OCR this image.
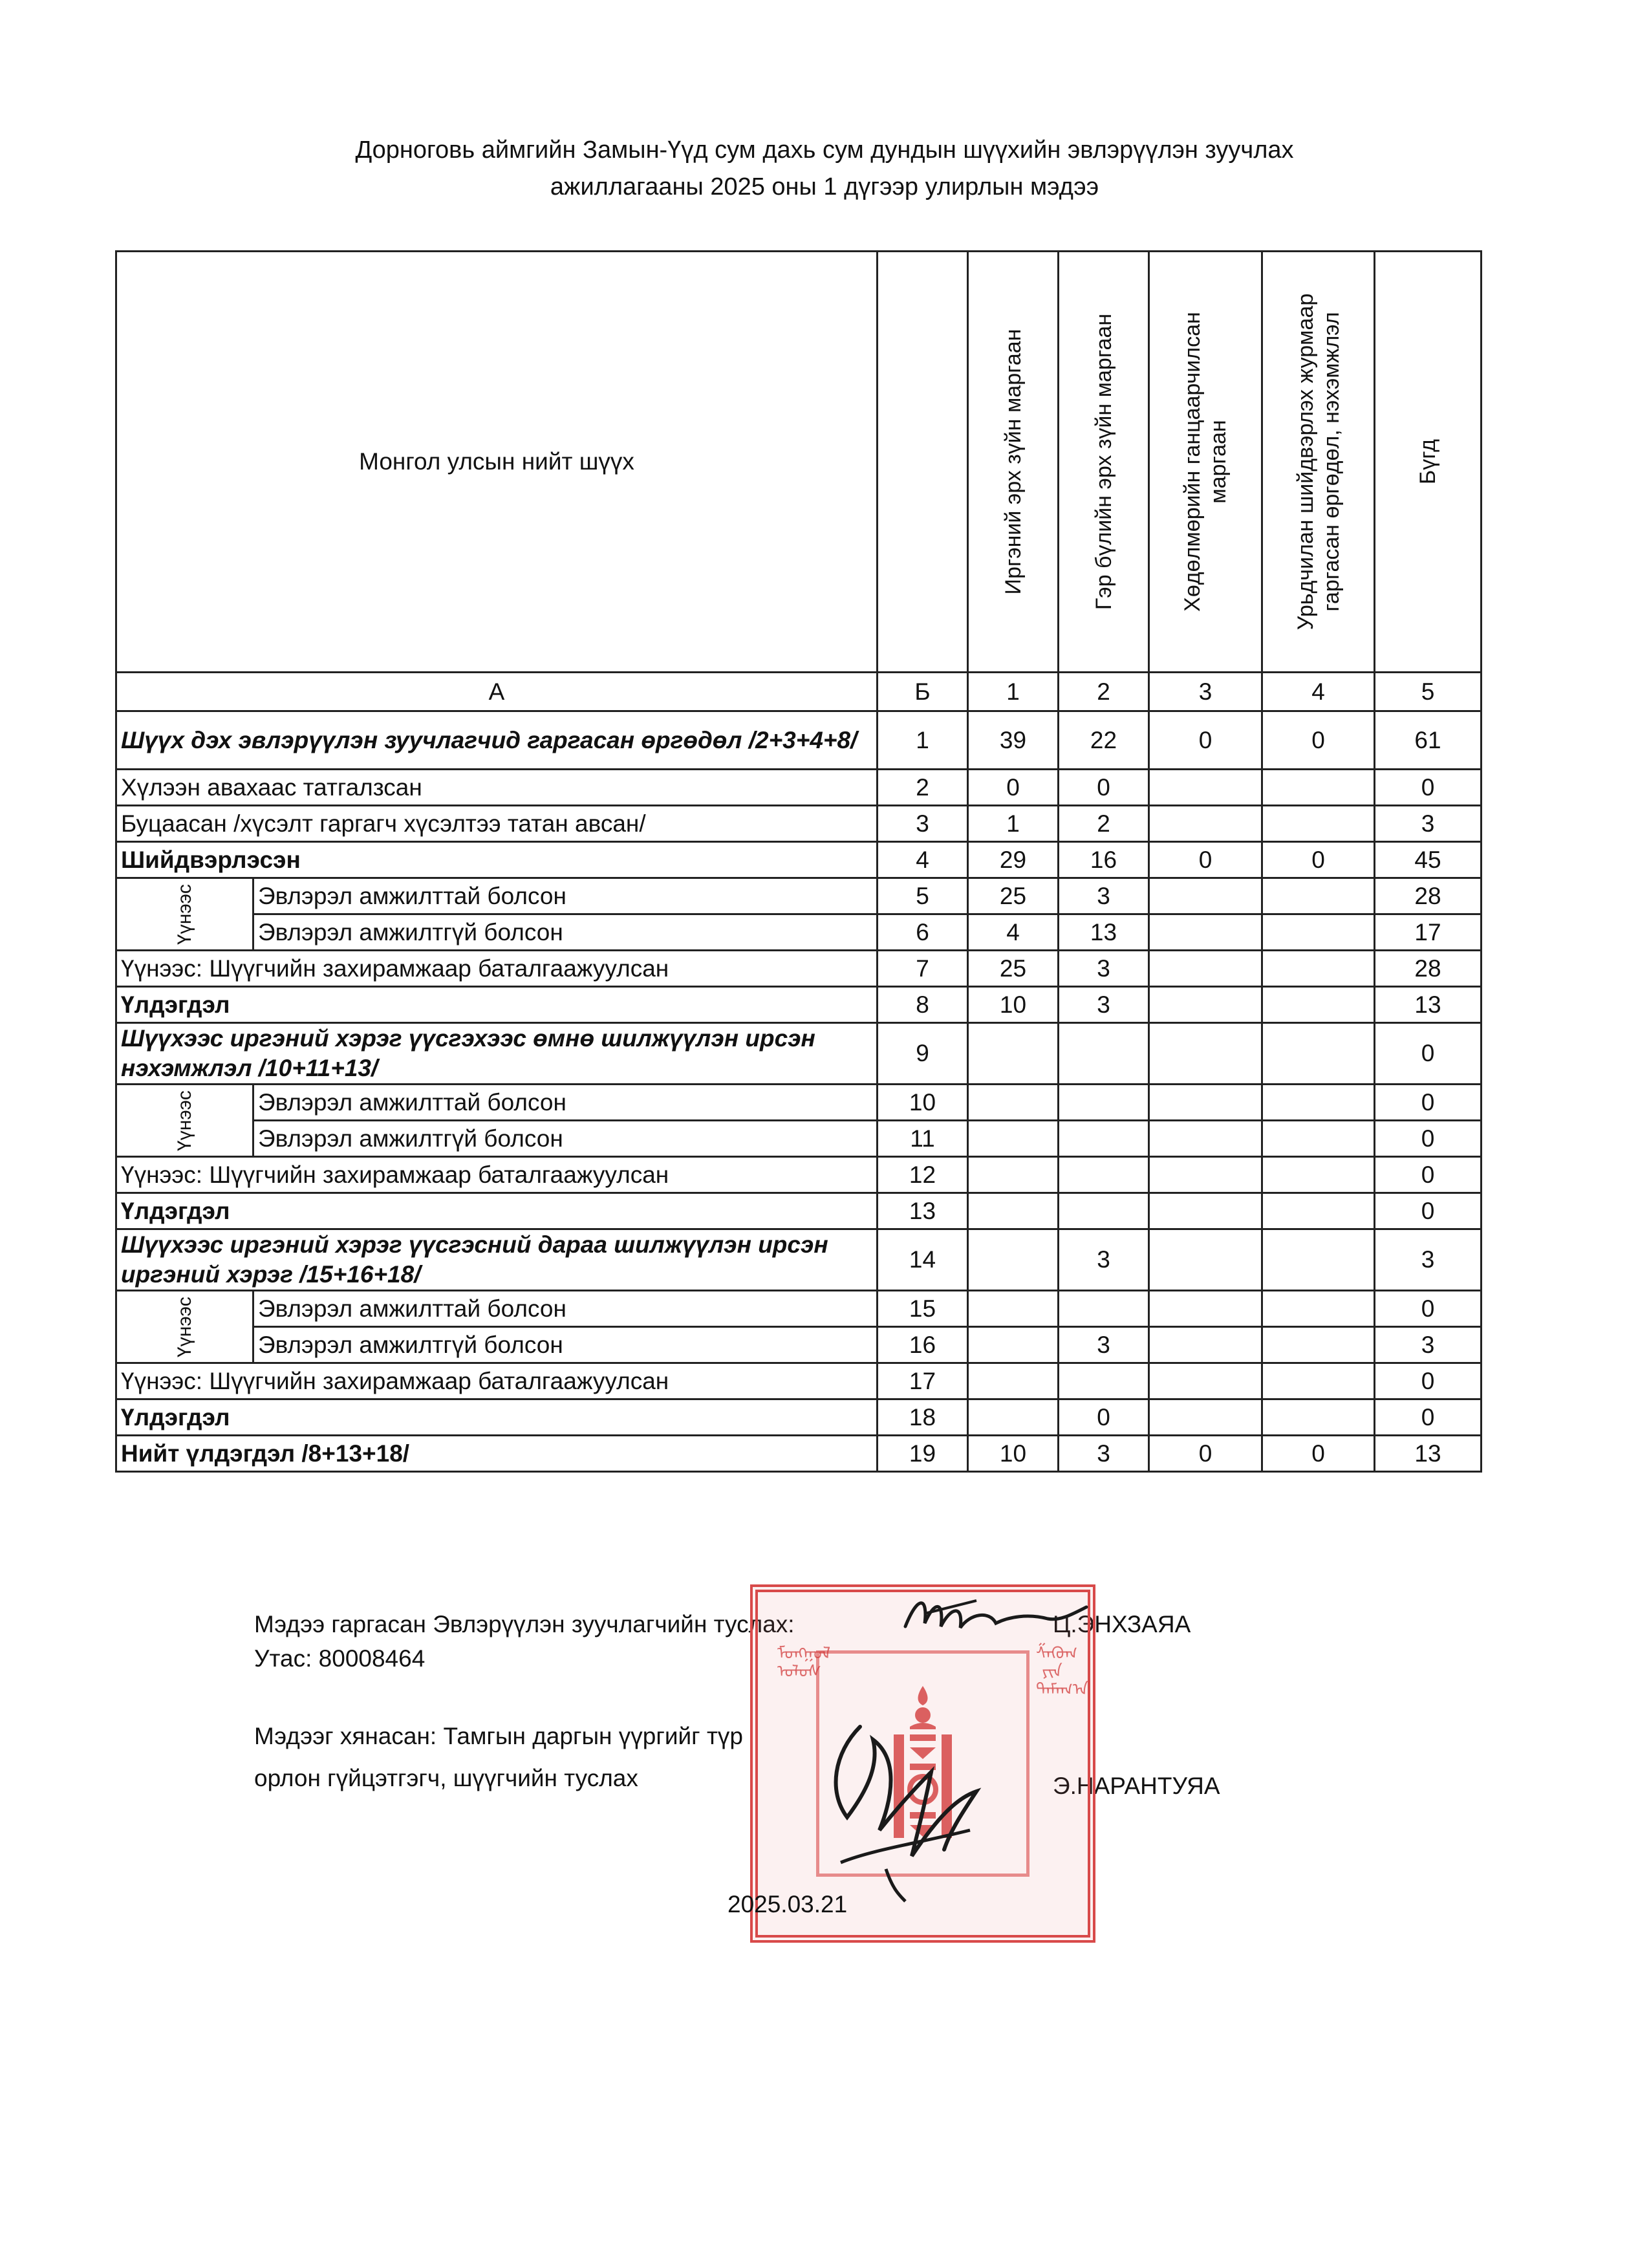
Дорноговь аймгийн Замын-Үүд сум дахь сум дундын шүүхийн эвлэрүүлэн зуучлах
ажиллагааны 2025 оны 1 дүгээр улирлын мэдээ
Монгол улсын нийт шүүх			Иргэний эрх зүйн маргаан	Гэр бүлийн эрх зүйн маргаан	Хөдөлмөрийн ганцаарчилсан маргаан	Урьдчилан шийдвэрлэх журмаар гаргасан өргөдөл, нэхэмжлэл	Бүгд

А		Б	1	2	3	4	5
Шүүх дэх эвлэрүүлэн зуучлагчид гаргасан өргөдөл /2+3+4+8/		1	39	22	0	0	61
Хүлээн авахаас татгалзсан		2	0	0			0
Буцаасан /хүсэлт гаргагч хүсэлтээ татан авсан/		3	1	2			3
Шийдвэрлэсэн		4	29	16	0	0	45

Үүнээс	Эвлэрэл амжилттай болсон	5	25	3			28
	Эвлэрэл амжилтгүй болсон	6	4	13			17
Үүнээс: Шүүгчийн захирамжаар баталгаажуулсан		7	25	3			28
Үлдэгдэл		8	10	3			13
Шүүхээс иргэний хэрэг үүсгэхээс өмнө шилжүүлэн ирсэн нэхэмжлэл /10+11+13/		9					0

Үүнээс	Эвлэрэл амжилттай болсон	10					0
	Эвлэрэл амжилтгүй болсон	11					0
Үүнээс: Шүүгчийн захирамжаар баталгаажуулсан		12					0
Үлдэгдэл		13					0
Шүүхээс иргэний хэрэг үүсгэсний дараа шилжүүлэн ирсэн иргэний хэрэг /15+16+18/		14		3			3

Үүнээс	Эвлэрэл амжилттай болсон	15					0
	Эвлэрэл амжилтгүй болсон	16		3			3
Үүнээс: Шүүгчийн захирамжаар баталгаажуулсан		17					0
Үлдэгдэл		18		0			0
Нийт үлдэгдэл /8+13+18/		19	10	3	0	0	13
Мэдээ гаргасан Эвлэрүүлэн зуучлагчийн туслах:	Ц.ЭНХЗАЯА
Утас: 80008464
Мэдээг хянасан: Тамгын даргын үүргийг түр
орлон гүйцэтгэгч, шүүгчийн туслах	Э.НАРАНТУЯА
ᠮᠣᠩᠭᠣᠯ ᠤᠯᠤᠰ
ᠱᠡᠭᠦᠬ ᠶᠢᠨ ᠲᠠᠮᠠᠭ᠎ᠠ
2025.03.21
